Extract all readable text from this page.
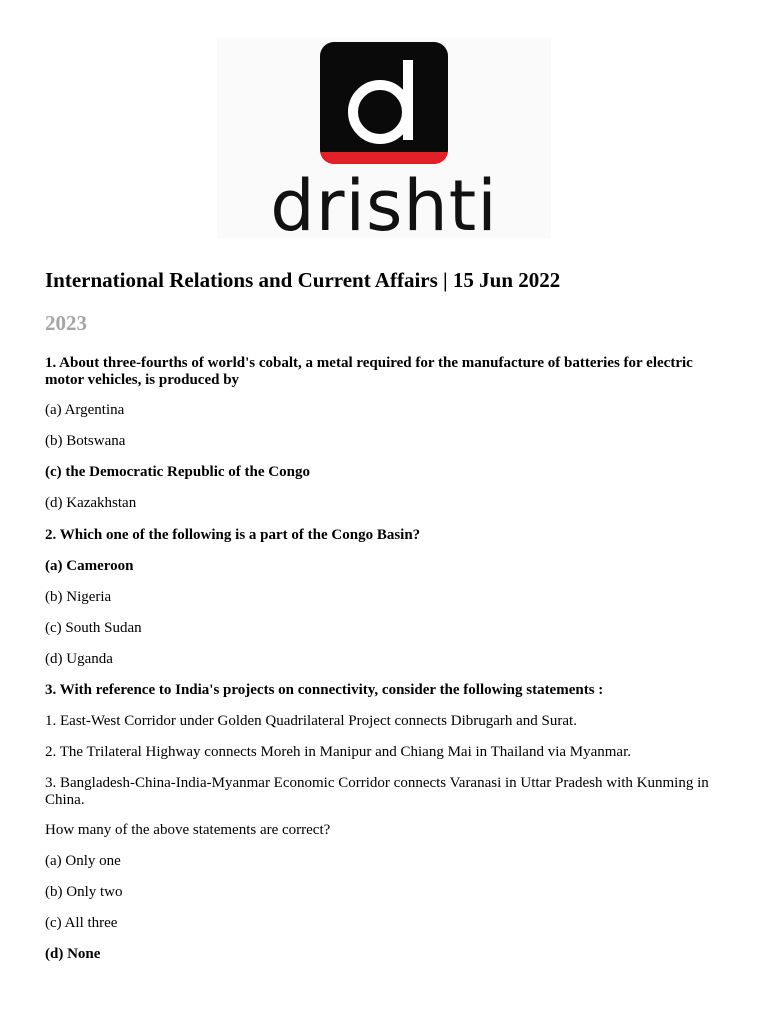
drishti
International Relations and Current Affairs | 15 Jun 2022
2023

1. About three-fourths of world's cobalt, a metal required for the manufacture of batteries for electric motor vehicles, is produced by

(a) Argentina

(b) Botswana

(c) the Democratic Republic of the Congo

(d) Kazakhstan

2. Which one of the following is a part of the Congo Basin?

(a) Cameroon

(b) Nigeria

(c) South Sudan

(d) Uganda

3. With reference to India's projects on connectivity, consider the following statements :

1. East-West Corridor under Golden Quadrilateral Project connects Dibrugarh and Surat.

2. The Trilateral Highway connects Moreh in Manipur and Chiang Mai in Thailand via Myanmar.

3. Bangladesh-China-India-Myanmar Economic Corridor connects Varanasi in Uttar Pradesh with Kunming in China.

How many of the above statements are correct?

(a) Only one

(b) Only two

(c) All three

(d) None
